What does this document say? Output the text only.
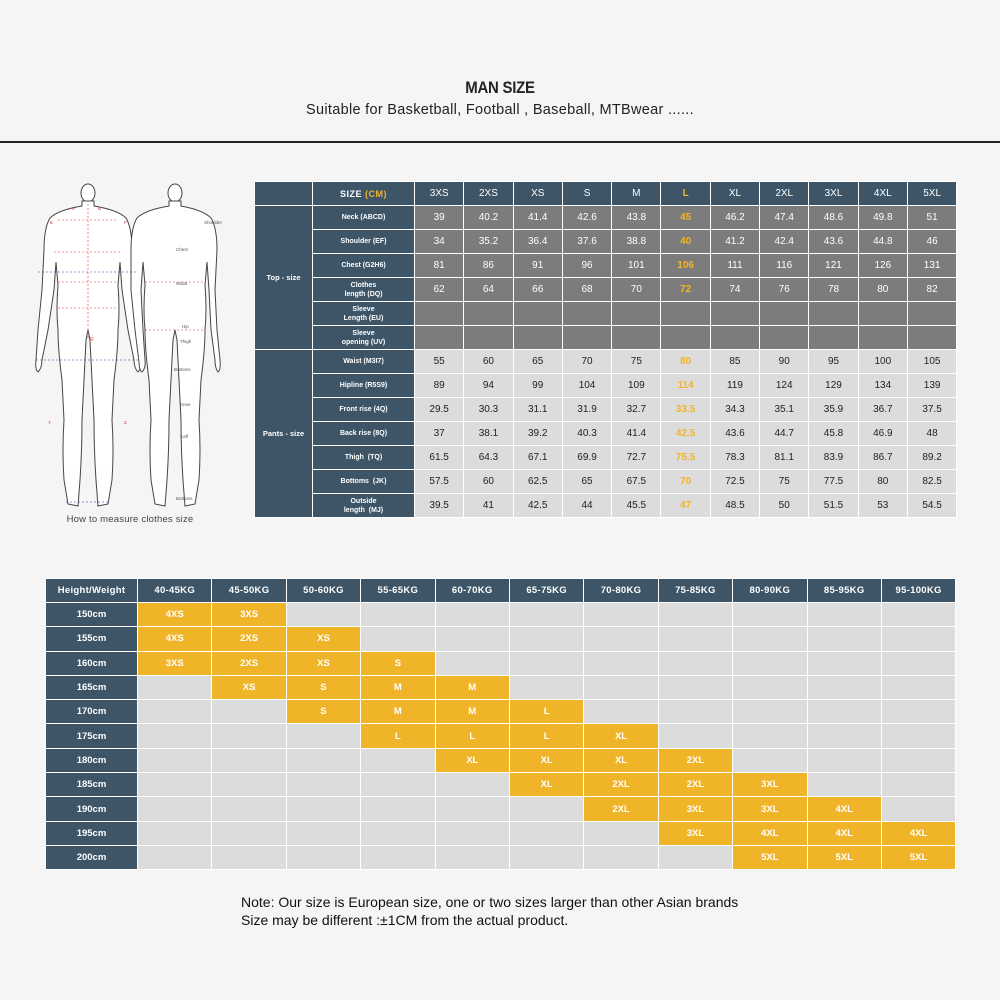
MAN SIZE
Suitable for Basketball, Football , Baseball, MTBwear ......
Shoulder
Chest
Waist
Hip
Thigh
Bottoms
Knee
Calf
Bottoms
A	B
E	F
Q
Y	Z
How to measure clothes size
	SIZE (CM)	3XS	2XS	XS	S	M	L	XL	2XL	3XL	4XL	5XL
Top - size	Neck (ABCD)	39	40.2	41.4	42.6	43.8	45	46.2	47.4	48.6	49.8	51
	Shoulder (EF)	34	35.2	36.4	37.6	38.8	40	41.2	42.4	43.6	44.8	46
	Chest (G2H6)	81	86	91	96	101	106	111	116	121	126	131
	Clothes
length (DQ)	62	64	66	68	70	72	74	76	78	80	82
	Sleeve
Length (EU)											
	Sleeve
opening (UV)											
Pants - size	Waist (M3I7)	55	60	65	70	75	80	85	90	95	100	105
	Hipline (R5S9)	89	94	99	104	109	114	119	124	129	134	139
	Front rise (4Q)	29.5	30.3	31.1	31.9	32.7	33.5	34.3	35.1	35.9	36.7	37.5
	Back rise (8Q)	37	38.1	39.2	40.3	41.4	42.5	43.6	44.7	45.8	46.9	48
	Thigh  (TQ)	61.5	64.3	67.1	69.9	72.7	75.5	78.3	81.1	83.9	86.7	89.2
	Bottoms  (JK)	57.5	60	62.5	65	67.5	70	72.5	75	77.5	80	82.5
	Outside
length  (MJ)	39.5	41	42.5	44	45.5	47	48.5	50	51.5	53	54.5
Height/Weight	40-45KG	45-50KG	50-60KG	55-65KG	60-70KG	65-75KG	70-80KG	75-85KG	80-90KG	85-95KG	95-100KG
150cm	4XS	3XS									
155cm	4XS	2XS	XS								
160cm	3XS	2XS	XS	S							
165cm		XS	S	M	M						
170cm			S	M	M	L					
175cm				L	L	L	XL				
180cm					XL	XL	XL	2XL			
185cm						XL	2XL	2XL	3XL		
190cm							2XL	3XL	3XL	4XL	
195cm								3XL	4XL	4XL	4XL
200cm									5XL	5XL	5XL
Note: Our size is European size, one or two sizes larger than other Asian brands
Size may be different :±1CM from the actual product.
